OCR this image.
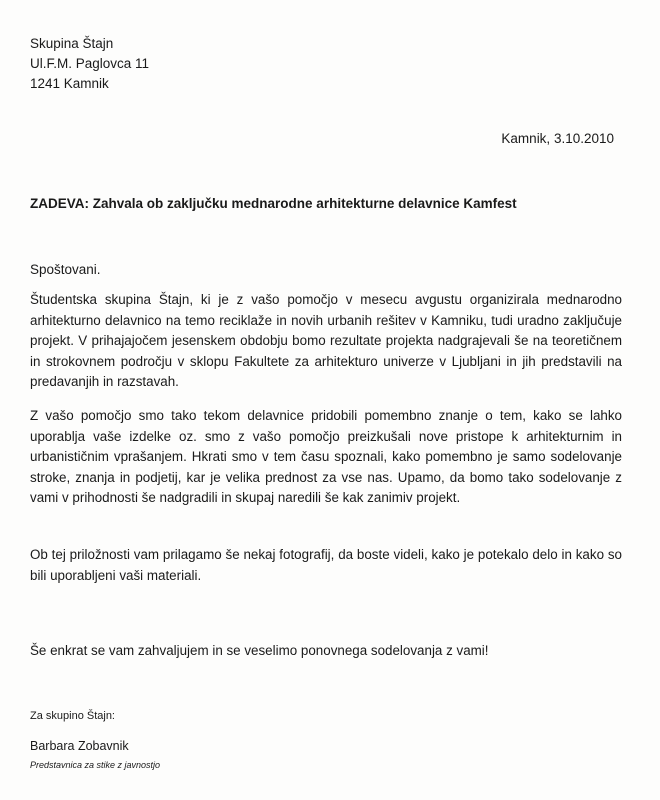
Skupina Štajn
Ul.F.M. Paglovca 11
1241 Kamnik
Kamnik, 3.10.2010
ZADEVA: Zahvala ob zaključku mednarodne arhitekturne delavnice Kamfest
Spoštovani.
Študentska skupina Štajn, ki je z vašo pomočjo v mesecu avgustu organizirala mednarodno arhitekturno delavnico na temo reciklaže in novih urbanih rešitev v Kamniku, tudi uradno zaključuje projekt. V prihajajočem jesenskem obdobju bomo rezultate projekta nadgrajevali še na teoretičnem in strokovnem področju v sklopu Fakultete za arhitekturo univerze v Ljubljani in jih predstavili na predavanjih in razstavah.
Z vašo pomočjo smo tako tekom delavnice pridobili pomembno znanje o tem, kako se lahko uporablja vaše izdelke oz. smo z vašo pomočjo preizkušali nove pristope k arhitekturnim in urbanističnim vprašanjem. Hkrati smo v tem času spoznali, kako pomembno je samo sodelovanje stroke, znanja in podjetij, kar je velika prednost za vse nas. Upamo, da bomo tako sodelovanje z vami v prihodnosti še nadgradili in skupaj naredili še kak zanimiv projekt.
Ob tej priložnosti vam prilagamo še nekaj fotografij, da boste videli, kako je potekalo delo in kako so bili uporabljeni vaši materiali.
Še enkrat se vam zahvaljujem in se veselimo ponovnega sodelovanja z vami!
Za skupino Štajn:
Barbara Zobavnik
Predstavnica za stike z javnostjo
